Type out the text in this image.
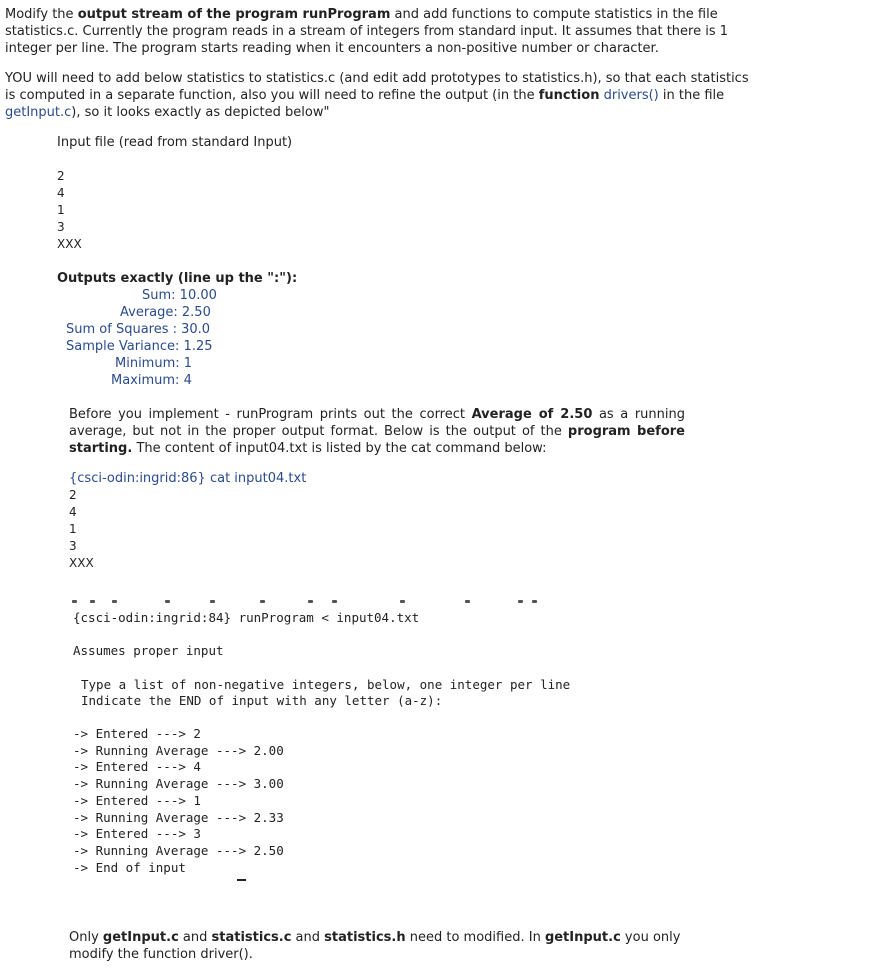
Modify the output stream of the program runProgram and add functions to compute statistics in the file statistics.c. Currently the program reads in a stream of integers from standard input. It assumes that there is 1 integer per line. The program starts reading when it encounters a non-positive number or character.
YOU will need to add below statistics to statistics.c (and edit add prototypes to statistics.h), so that each statistics is computed in a separate function, also you will need to refine the output (in the function drivers() in the file getInput.c), so it looks exactly as depicted below"
Input file (read from standard Input)
2
4
1
3
XXX
Outputs exactly (line up the ":"):
Sum: 10.00
Average: 2.50
Sum of Squares : 30.0
Sample Variance: 1.25
Minimum: 1
Maximum: 4
Before you implement - runProgram prints out the correct Average of 2.50 as a running average, but not in the proper output format. Below is the output of the program before starting. The content of input04.txt is listed by the cat command below:
{csci-odin:ingrid:86} cat input04.txt
2
4
1
3
XXX
{csci-odin:ingrid:84} runProgram < input04.txt
Assumes proper input
Type a list of non-negative integers, below, one integer per line
Indicate the END of input with any letter (a-z):
-> Entered ---> 2
-> Running Average ---> 2.00
-> Entered ---> 4
-> Running Average ---> 3.00
-> Entered ---> 1
-> Running Average ---> 2.33
-> Entered ---> 3
-> Running Average ---> 2.50
-> End of input
Only getInput.c and statistics.c and statistics.h need to modified. In getInput.c you only modify the function driver().
